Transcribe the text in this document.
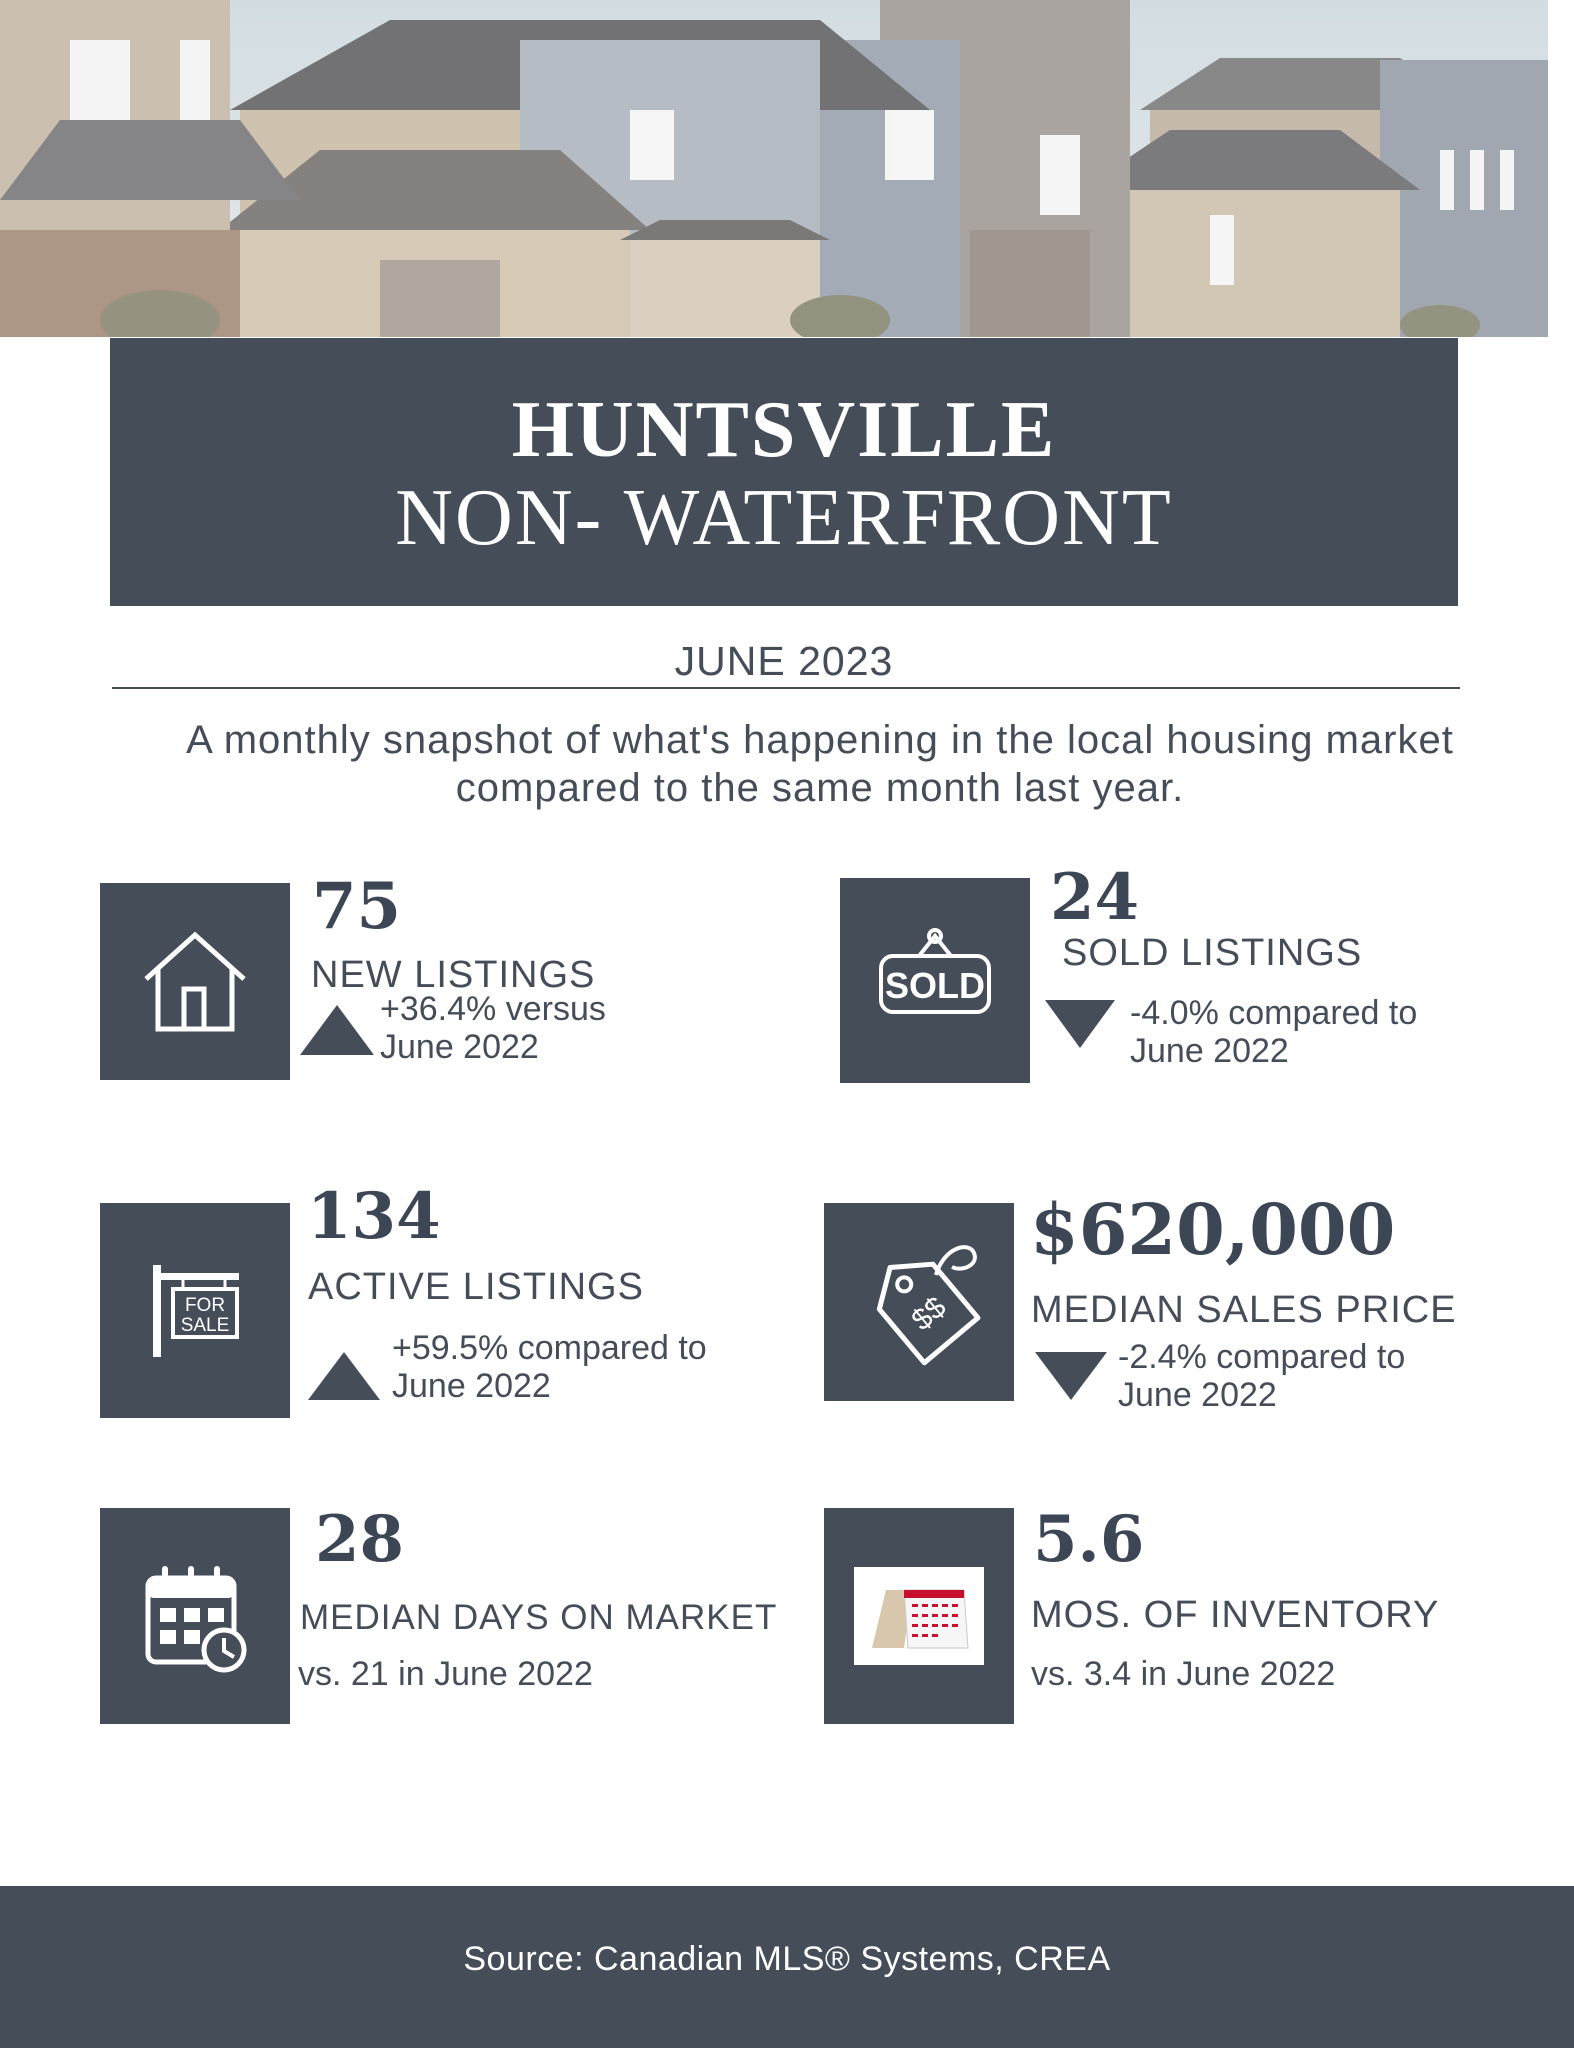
HUNTSVILLE
NON- WATERFRONT
JUNE 2023
A monthly snapshot of what's happening in the local housing market compared to the same month last year.
75
NEW LISTINGS
+36.4% versus
June 2022
SOLD
24
SOLD LISTINGS
-4.0% compared to
June 2022
FOR
SALE
134
ACTIVE LISTINGS
+59.5% compared to
June 2022
$$
$620,000
MEDIAN SALES PRICE
-2.4% compared to
June 2022
28
MEDIAN DAYS ON MARKET
vs. 21 in June 2022
5.6
MOS. OF INVENTORY
vs. 3.4 in June 2022
Source: Canadian MLS® Systems, CREA
